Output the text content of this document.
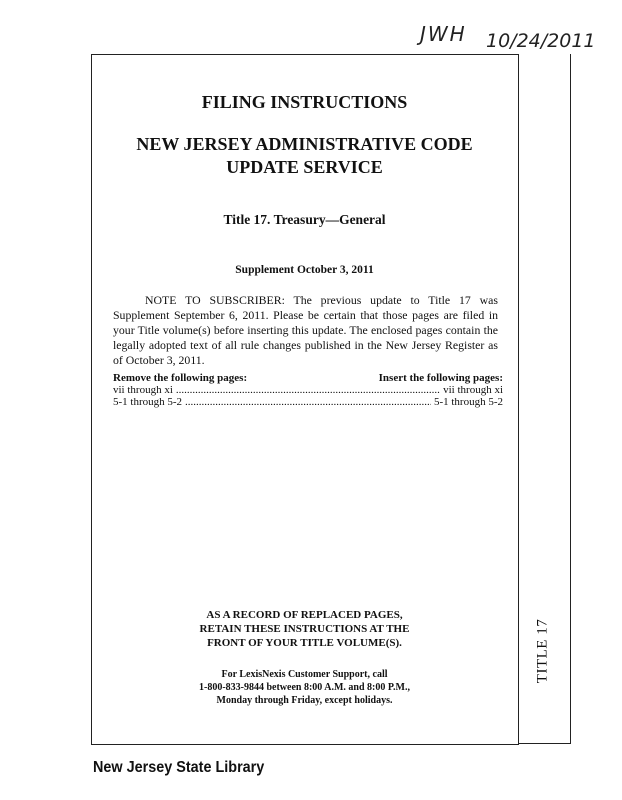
JWH 10/24/2011
TITLE 17
FILING INSTRUCTIONS
NEW JERSEY ADMINISTRATIVE CODE
UPDATE SERVICE
Title 17. Treasury—General
Supplement October 3, 2011
NOTE TO SUBSCRIBER: The previous update to Title 17 was Supplement September 6, 2011. Please be certain that those pages are filed in your Title volume(s) before inserting this update. The enclosed pages contain the legally adopted text of all rule changes published in the New Jersey Register as of October 3, 2011.
Remove the following pages:	Insert the following pages:
vii through xi .....	vii through xi
5-1 through 5-2 .....	5-1 through 5-2
AS A RECORD OF REPLACED PAGES,
RETAIN THESE INSTRUCTIONS AT THE
FRONT OF YOUR TITLE VOLUME(S).
For LexisNexis Customer Support, call
1-800-833-9844 between 8:00 A.M. and 8:00 P.M.,
Monday through Friday, except holidays.
New Jersey State Library
